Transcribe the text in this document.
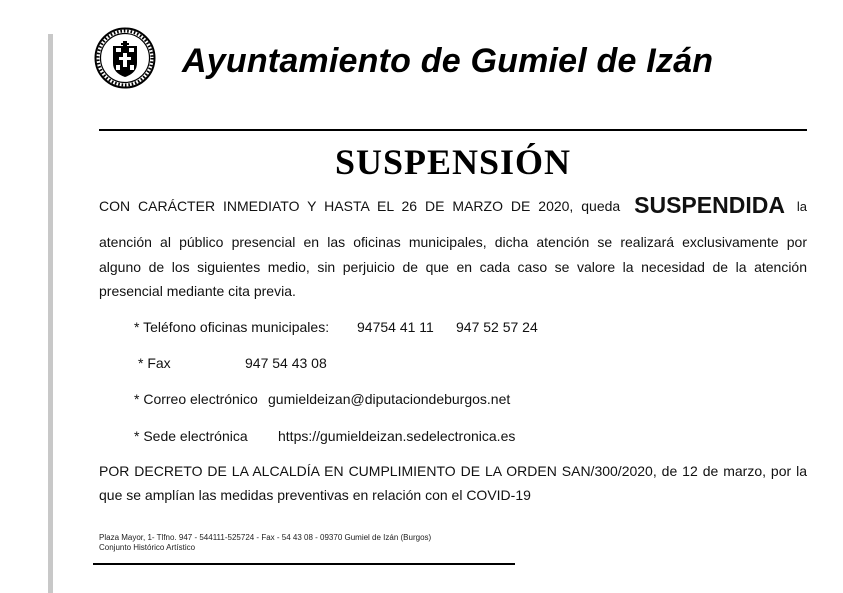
Ayuntamiento de Gumiel de Izán
SUSPENSIÓN
CON CARÁCTER INMEDIATO Y HASTA EL 26 DE MARZO DE 2020, queda SUSPENDIDA la
atención al público presencial en las oficinas municipales, dicha atención se realizará exclusivamente por
alguno de los siguientes medio, sin perjuicio de que en cada caso se valore la necesidad de la atención
presencial mediante cita previa.
* Teléfono oficinas municipales: 94754 41 11 947 52 57 24
* Fax	947 54 43 08
* Correo electrónico gumieldeizan@diputaciondeburgos.net
* Sede electrónica https://gumieldeizan.sedelectronica.es
POR DECRETO DE LA ALCALDÍA EN CUMPLIMIENTO DE LA ORDEN SAN/300/2020, de 12 de marzo, por la
que se amplían las medidas preventivas en relación con el COVID-19
Plaza Mayor, 1- Tlfno. 947 - 544111-525724 - Fax - 54 43 08 - 09370 Gumiel de Izán (Burgos)
Conjunto Histórico Artístico
